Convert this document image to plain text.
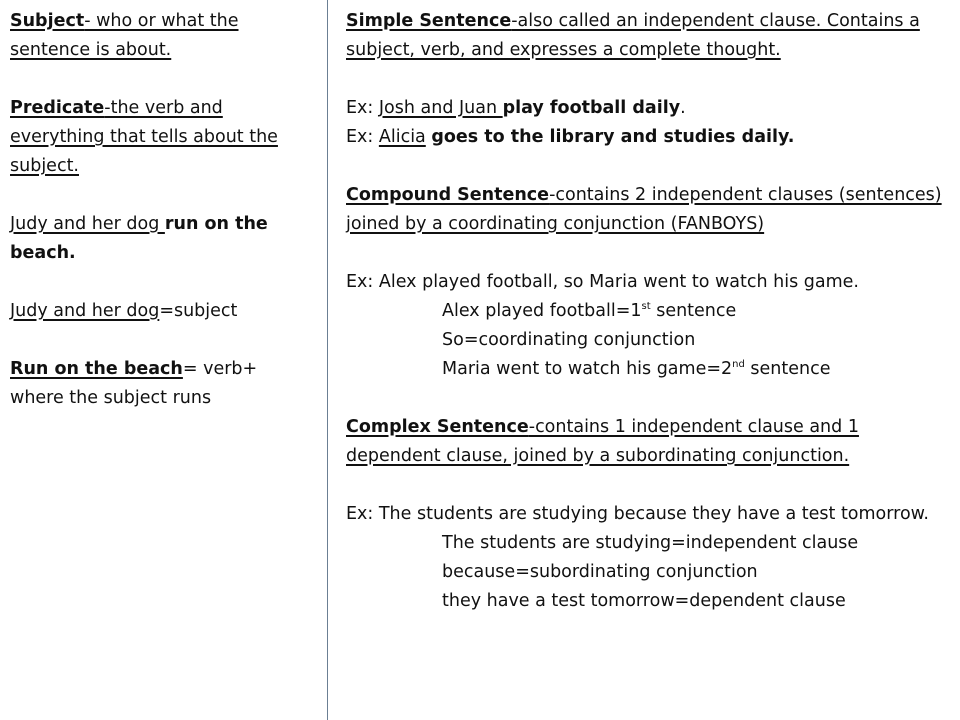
Subject- who or what the sentence is about.

Predicate-the verb and everything that tells about the subject.

Judy and her dog run on the beach.

Judy and her dog=subject

Run on the beach= verb+ where the subject runs

Simple Sentence-also called an independent clause. Contains a subject, verb, and expresses a complete thought.

Ex: Josh and Juan play football daily.

Ex: Alicia goes to the library and studies daily.

Compound Sentence-contains 2 independent clauses (sentences) joined by a coordinating conjunction (FANBOYS)

Ex: Alex played football, so Maria went to watch his game.

Alex played football=1st sentence

So=coordinating conjunction

Maria went to watch his game=2nd sentence

Complex Sentence-contains 1 independent clause and 1 dependent clause, joined by a subordinating conjunction.

Ex: The students are studying because they have a test tomorrow.

The students are studying=independent clause

because=subordinating conjunction

they have a test tomorrow=dependent clause
